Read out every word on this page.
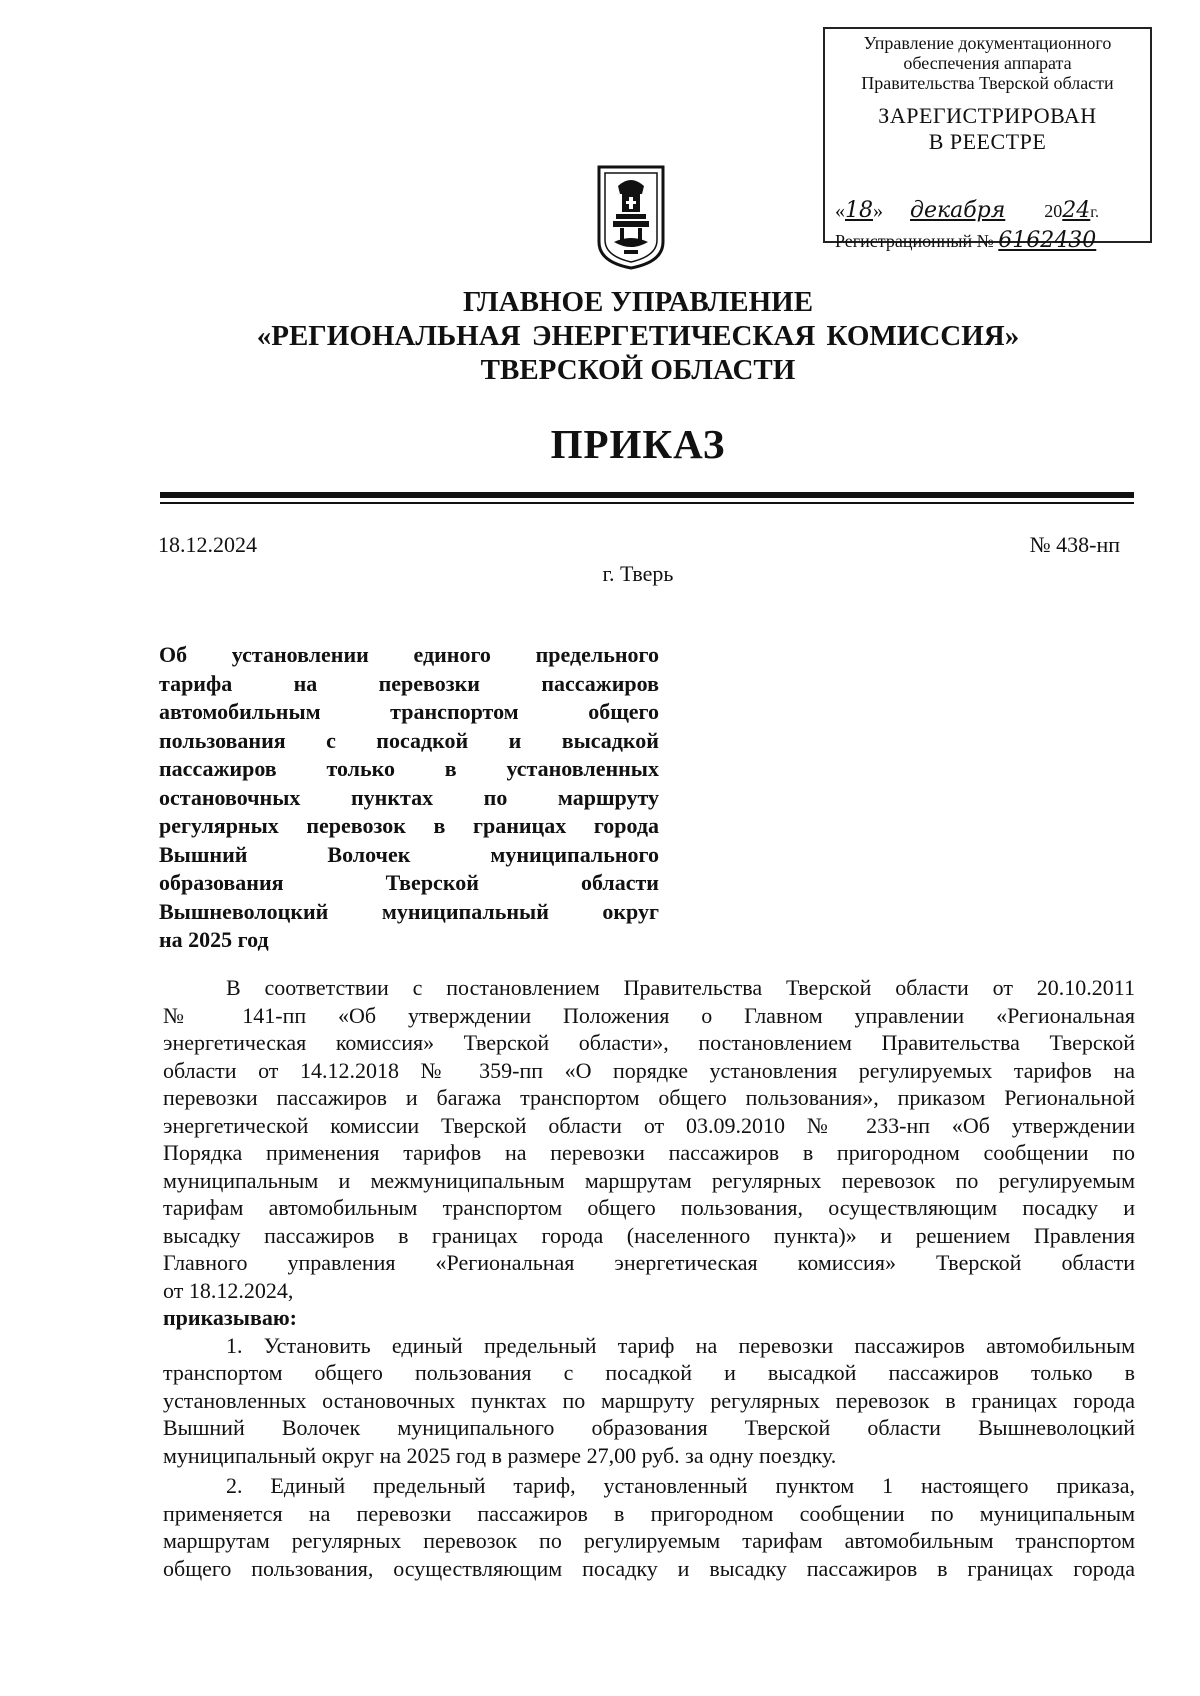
Управление документационного
обеспечения аппарата
Правительства Тверской области
ЗАРЕГИСТРИРОВАН
В РЕЕСТРЕ
«18» декабря 2024г.
Регистрационный № 6162430
ГЛАВНОЕ УПРАВЛЕНИЕ
«РЕГИОНАЛЬНАЯ ЭНЕРГЕТИЧЕСКАЯ КОМИССИЯ»
ТВЕРСКОЙ ОБЛАСТИ
ПРИКАЗ
18.12.2024	№ 438-нп
г. Тверь
Об установлении единого предельного
тарифа на перевозки пассажиров
автомобильным транспортом общего
пользования с посадкой и высадкой
пассажиров только в установленных
остановочных пунктах по маршруту
регулярных перевозок в границах города
Вышний Волочек муниципального
образования Тверской области
Вышневолоцкий муниципальный округ
на 2025 год

В соответствии с постановлением Правительства Тверской области от 20.10.2011
№ 141-пп «Об утверждении Положения о Главном управлении «Региональная
энергетическая комиссия» Тверской области», постановлением Правительства Тверской
области от 14.12.2018 № 359-пп «О порядке установления регулируемых тарифов на
перевозки пассажиров и багажа транспортом общего пользования», приказом Региональной
энергетической комиссии Тверской области от 03.09.2010 № 233-нп «Об утверждении
Порядка применения тарифов на перевозки пассажиров в пригородном сообщении по
муниципальным и межмуниципальным маршрутам регулярных перевозок по регулируемым
тарифам автомобильным транспортом общего пользования, осуществляющим посадку и
высадку пассажиров в границах города (населенного пункта)» и решением Правления
Главного управления «Региональная энергетическая комиссия» Тверской области
от 18.12.2024,

приказываю:

1. Установить единый предельный тариф на перевозки пассажиров автомобильным
транспортом общего пользования с посадкой и высадкой пассажиров только в
установленных остановочных пунктах по маршруту регулярных перевозок в границах города
Вышний Волочек муниципального образования Тверской области Вышневолоцкий
муниципальный округ на 2025 год в размере 27,00 руб. за одну поездку.

2. Единый предельный тариф, установленный пунктом 1 настоящего приказа,
применяется на перевозки пассажиров в пригородном сообщении по муниципальным
маршрутам регулярных перевозок по регулируемым тарифам автомобильным транспортом
общего пользования, осуществляющим посадку и высадку пассажиров в границах города
